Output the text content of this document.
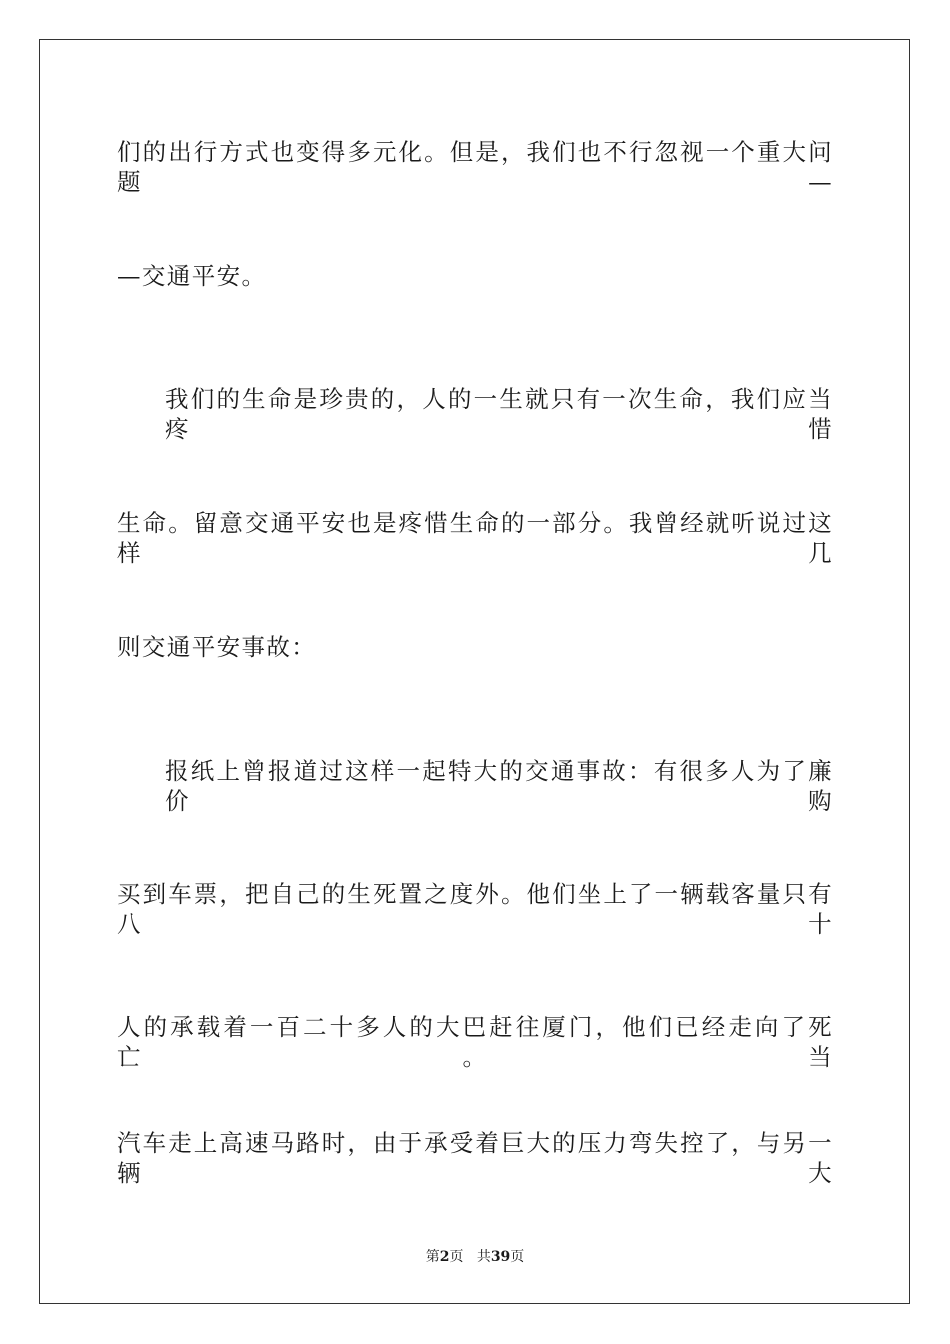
们的出行方式也变得多元化。但是，我们也不行忽视一个重大问题—
—交通平安。
我们的生命是珍贵的，人的一生就只有一次生命，我们应当疼惜
生命。留意交通平安也是疼惜生命的一部分。我曾经就听说过这样几
则交通平安事故：
报纸上曾报道过这样一起特大的交通事故：有很多人为了廉价购
买到车票，把自己的生死置之度外。他们坐上了一辆载客量只有八十
人的承载着一百二十多人的大巴赶往厦门，他们已经走向了死亡。当
汽车走上高速马路时，由于承受着巨大的压力弯失控了，与另一辆大
第2页 共39页
